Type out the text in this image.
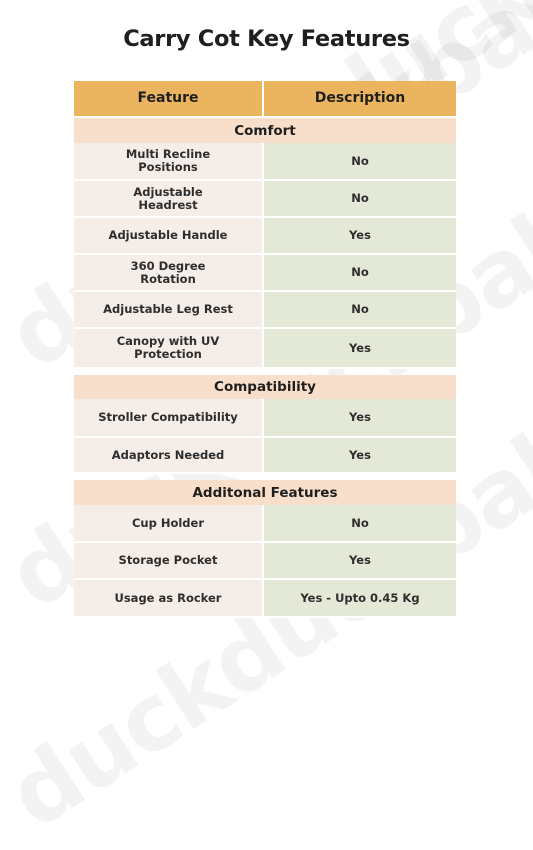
Carry Cot Key Features
Feature	Description
Comfort
Multi Recline Positions	No
Adjustable Headrest	No
Adjustable Handle	Yes
360 Degree Rotation	No
Adjustable Leg Rest	No
Canopy with UV Protection	Yes
Compatibility
Stroller Compatibility	Yes
Adaptors Needed	Yes
Additonal Features
Cup Holder	No
Storage Pocket	Yes
Usage as Rocker	Yes - Upto 0.45 Kg
